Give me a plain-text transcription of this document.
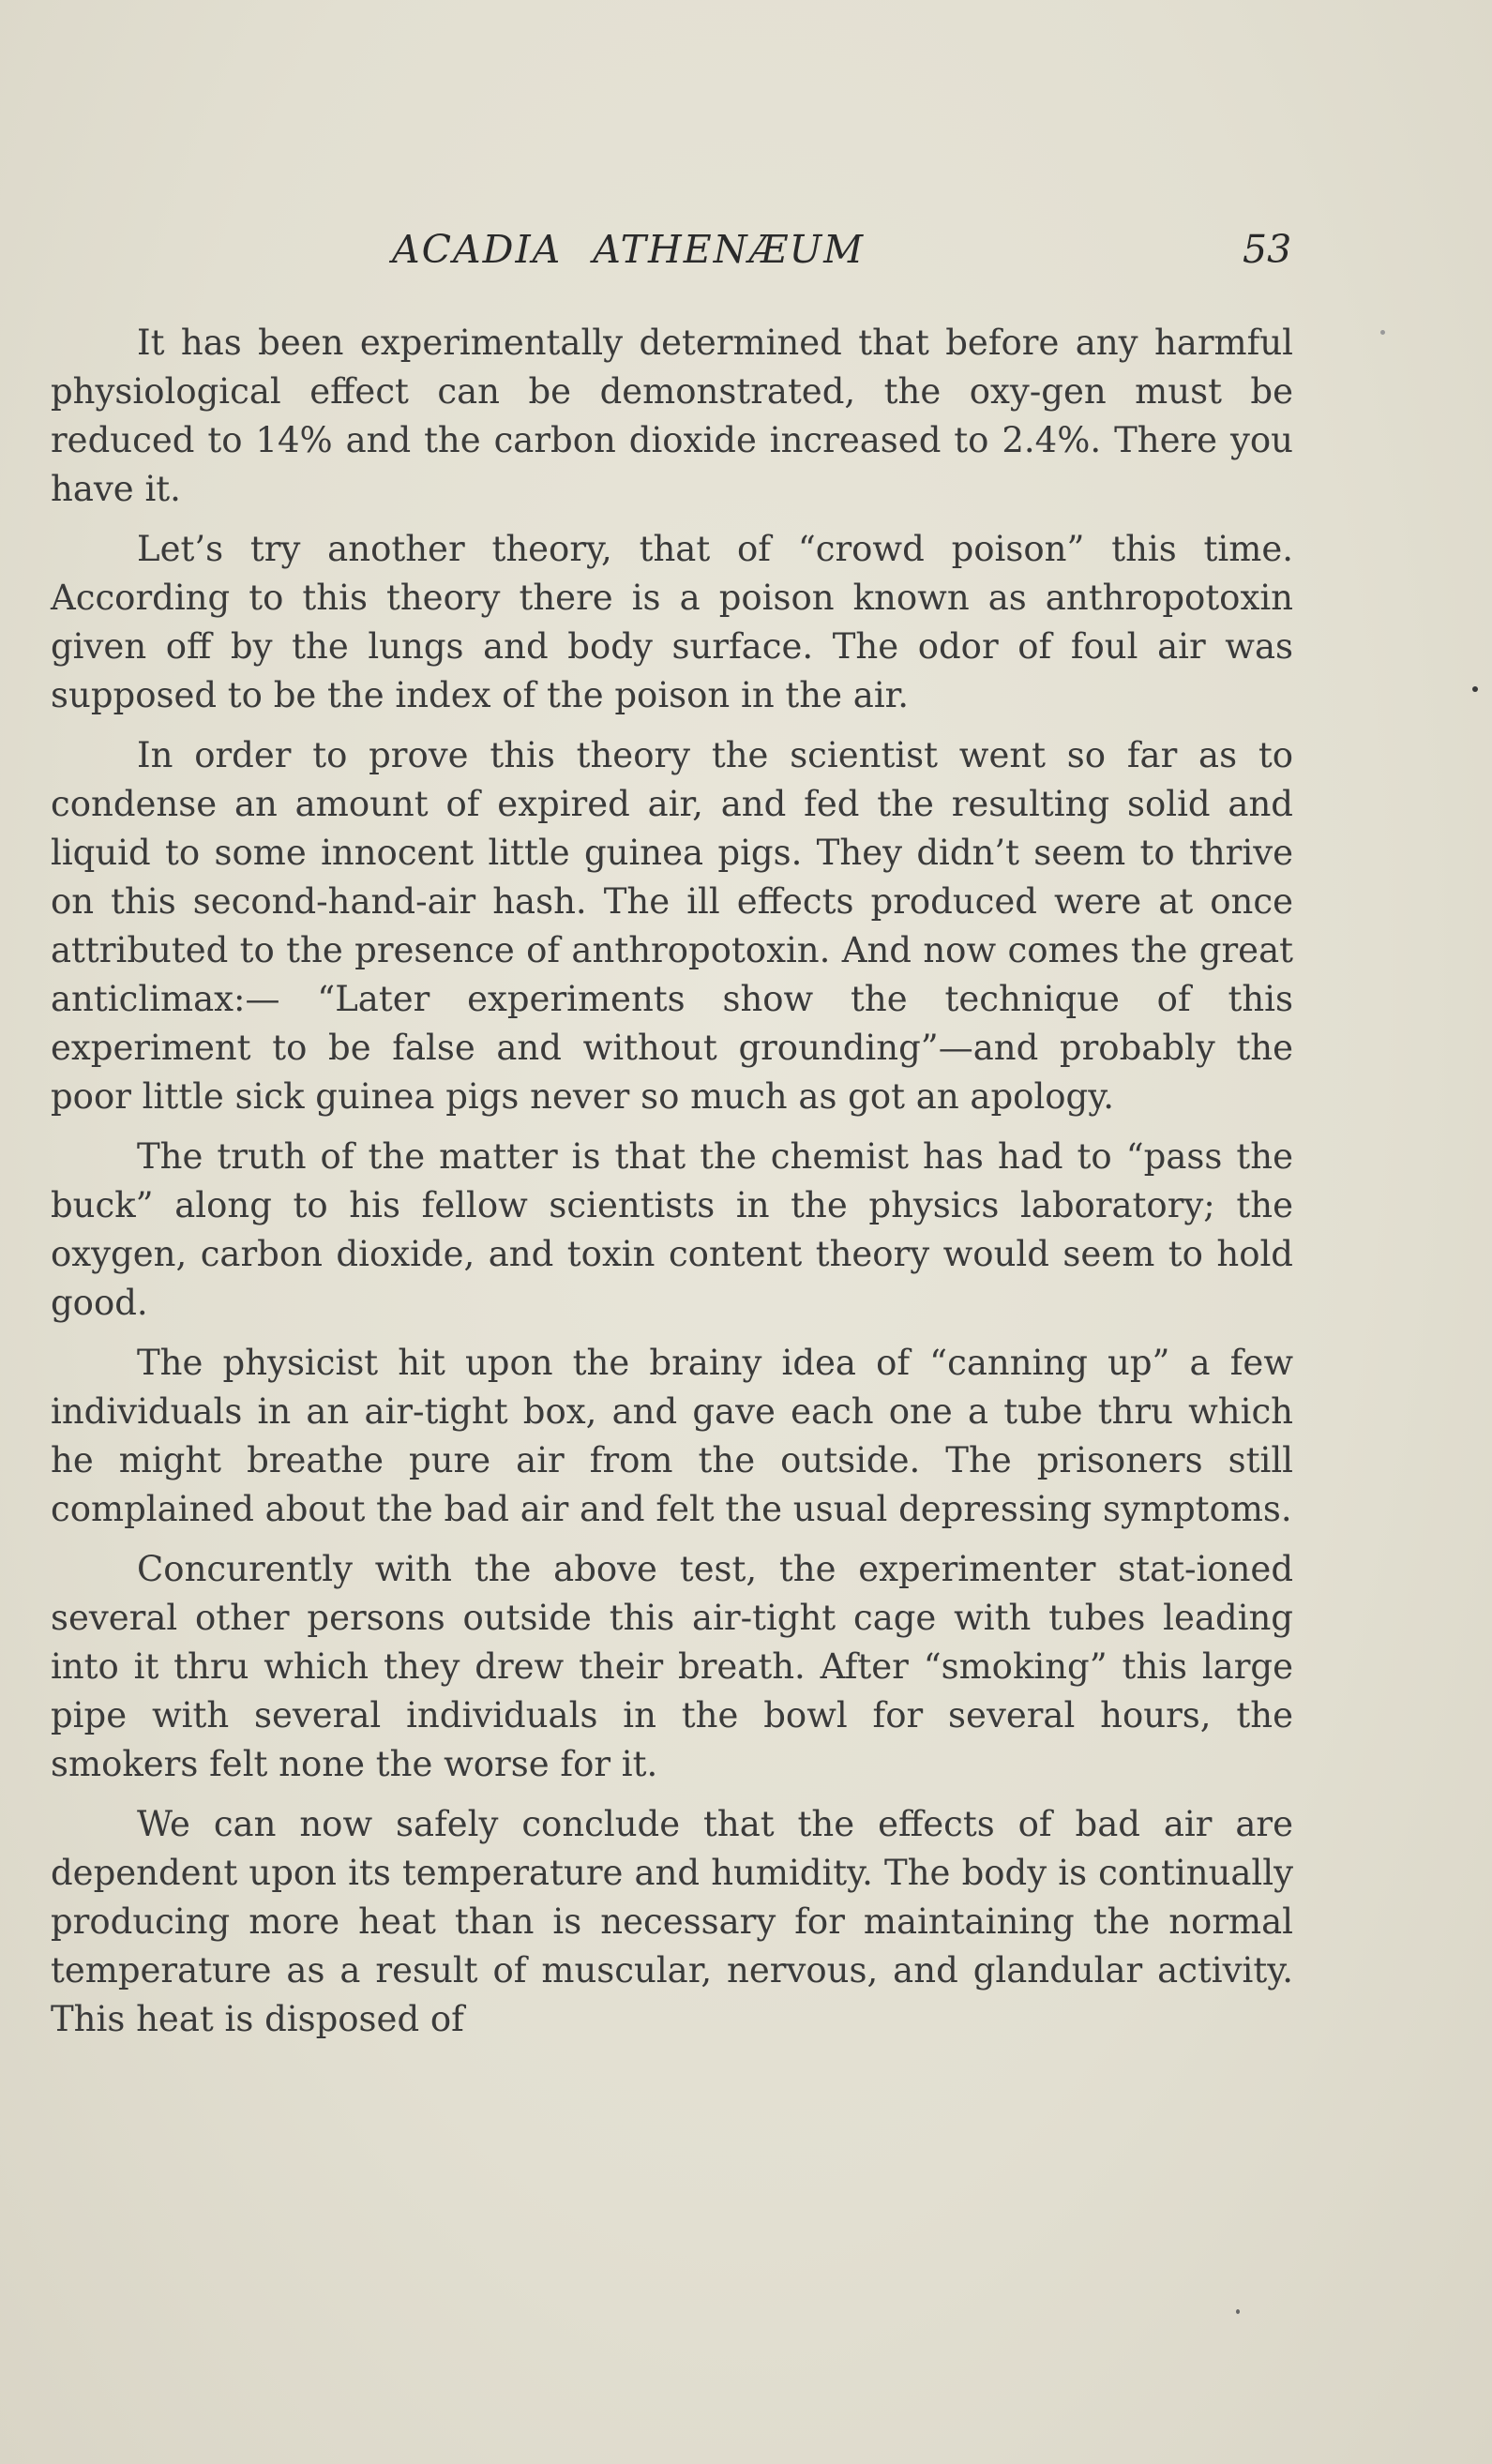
ACADIA ATHENÆUM	53

It has been experimentally determined that before any harmful physiological effect can be demonstrated, the oxy-gen must be reduced to 14% and the carbon dioxide increased to 2.4%. There you have it.

Let’s try another theory, that of “crowd poison” this time. According to this theory there is a poison known as anthropotoxin given off by the lungs and body surface. The odor of foul air was supposed to be the index of the poison in the air.

In order to prove this theory the scientist went so far as to condense an amount of expired air, and fed the resulting solid and liquid to some innocent little guinea pigs. They didn’t seem to thrive on this second-hand-air hash. The ill effects produced were at once attributed to the presence of anthropotoxin. And now comes the great anticlimax:— “Later experiments show the technique of this experiment to be false and without grounding”—and probably the poor little sick guinea pigs never so much as got an apology.

The truth of the matter is that the chemist has had to “pass the buck” along to his fellow scientists in the physics laboratory; the oxygen, carbon dioxide, and toxin content theory would seem to hold good.

The physicist hit upon the brainy idea of “canning up” a few individuals in an air-tight box, and gave each one a tube thru which he might breathe pure air from the outside. The prisoners still complained about the bad air and felt the usual depressing symptoms.

Concurently with the above test, the experimenter stat-ioned several other persons outside this air-tight cage with tubes leading into it thru which they drew their breath. After “smoking” this large pipe with several individuals in the bowl for several hours, the smokers felt none the worse for it.

We can now safely conclude that the effects of bad air are dependent upon its temperature and humidity. The body is continually producing more heat than is necessary for maintaining the normal temperature as a result of muscular, nervous, and glandular activity. This heat is disposed of
